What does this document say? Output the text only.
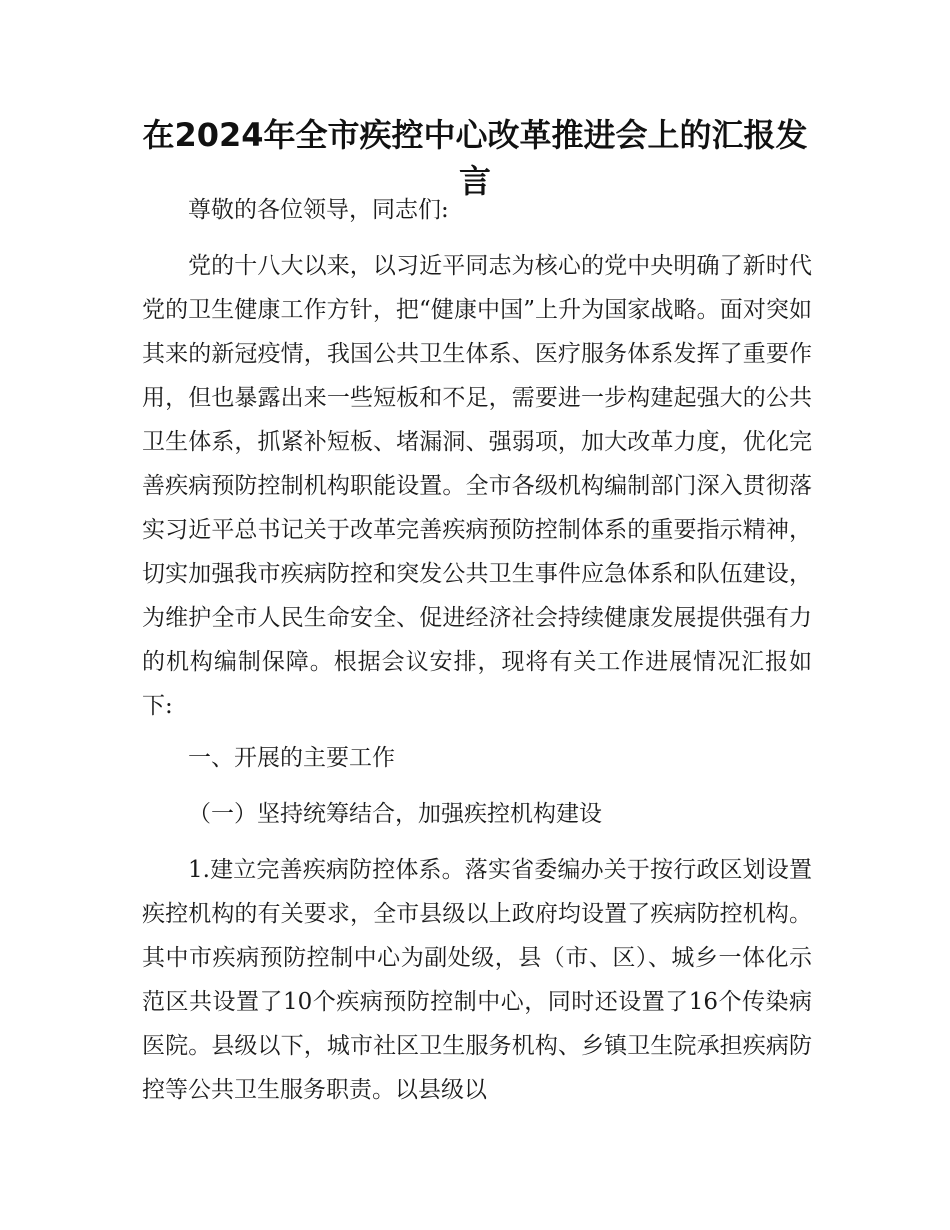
在2024年全市疾控中心改革推进会上的汇报发言

尊敬的各位领导，同志们:

党的十八大以来，以习近平同志为核心的党中央明确了新时代党的卫生健康工作方针，把“健康中国”上升为国家战略。面对突如其来的新冠疫情，我国公共卫生体系、医疗服务体系发挥了重要作用，但也暴露出来一些短板和不足，需要进一步构建起强大的公共卫生体系，抓紧补短板、堵漏洞、强弱项，加大改革力度，优化完善疾病预防控制机构职能设置。全市各级机构编制部门深入贯彻落实习近平总书记关于改革完善疾病预防控制体系的重要指示精神，切实加强我市疾病防控和突发公共卫生事件应急体系和队伍建设，为维护全市人民生命安全、促进经济社会持续健康发展提供强有力的机构编制保障。根据会议安排，现将有关工作进展情况汇报如下:

一、开展的主要工作

（一）坚持统筹结合，加强疾控机构建设

1.建立完善疾病防控体系。落实省委编办关于按行政区划设置疾控机构的有关要求，全市县级以上政府均设置了疾病防控机构。其中市疾病预防控制中心为副处级，县（市、区）、城乡一体化示范区共设置了10个疾病预防控制中心，同时还设置了16个传染病医院。县级以下，城市社区卫生服务机构、乡镇卫生院承担疾病防控等公共卫生服务职责。以县级以
